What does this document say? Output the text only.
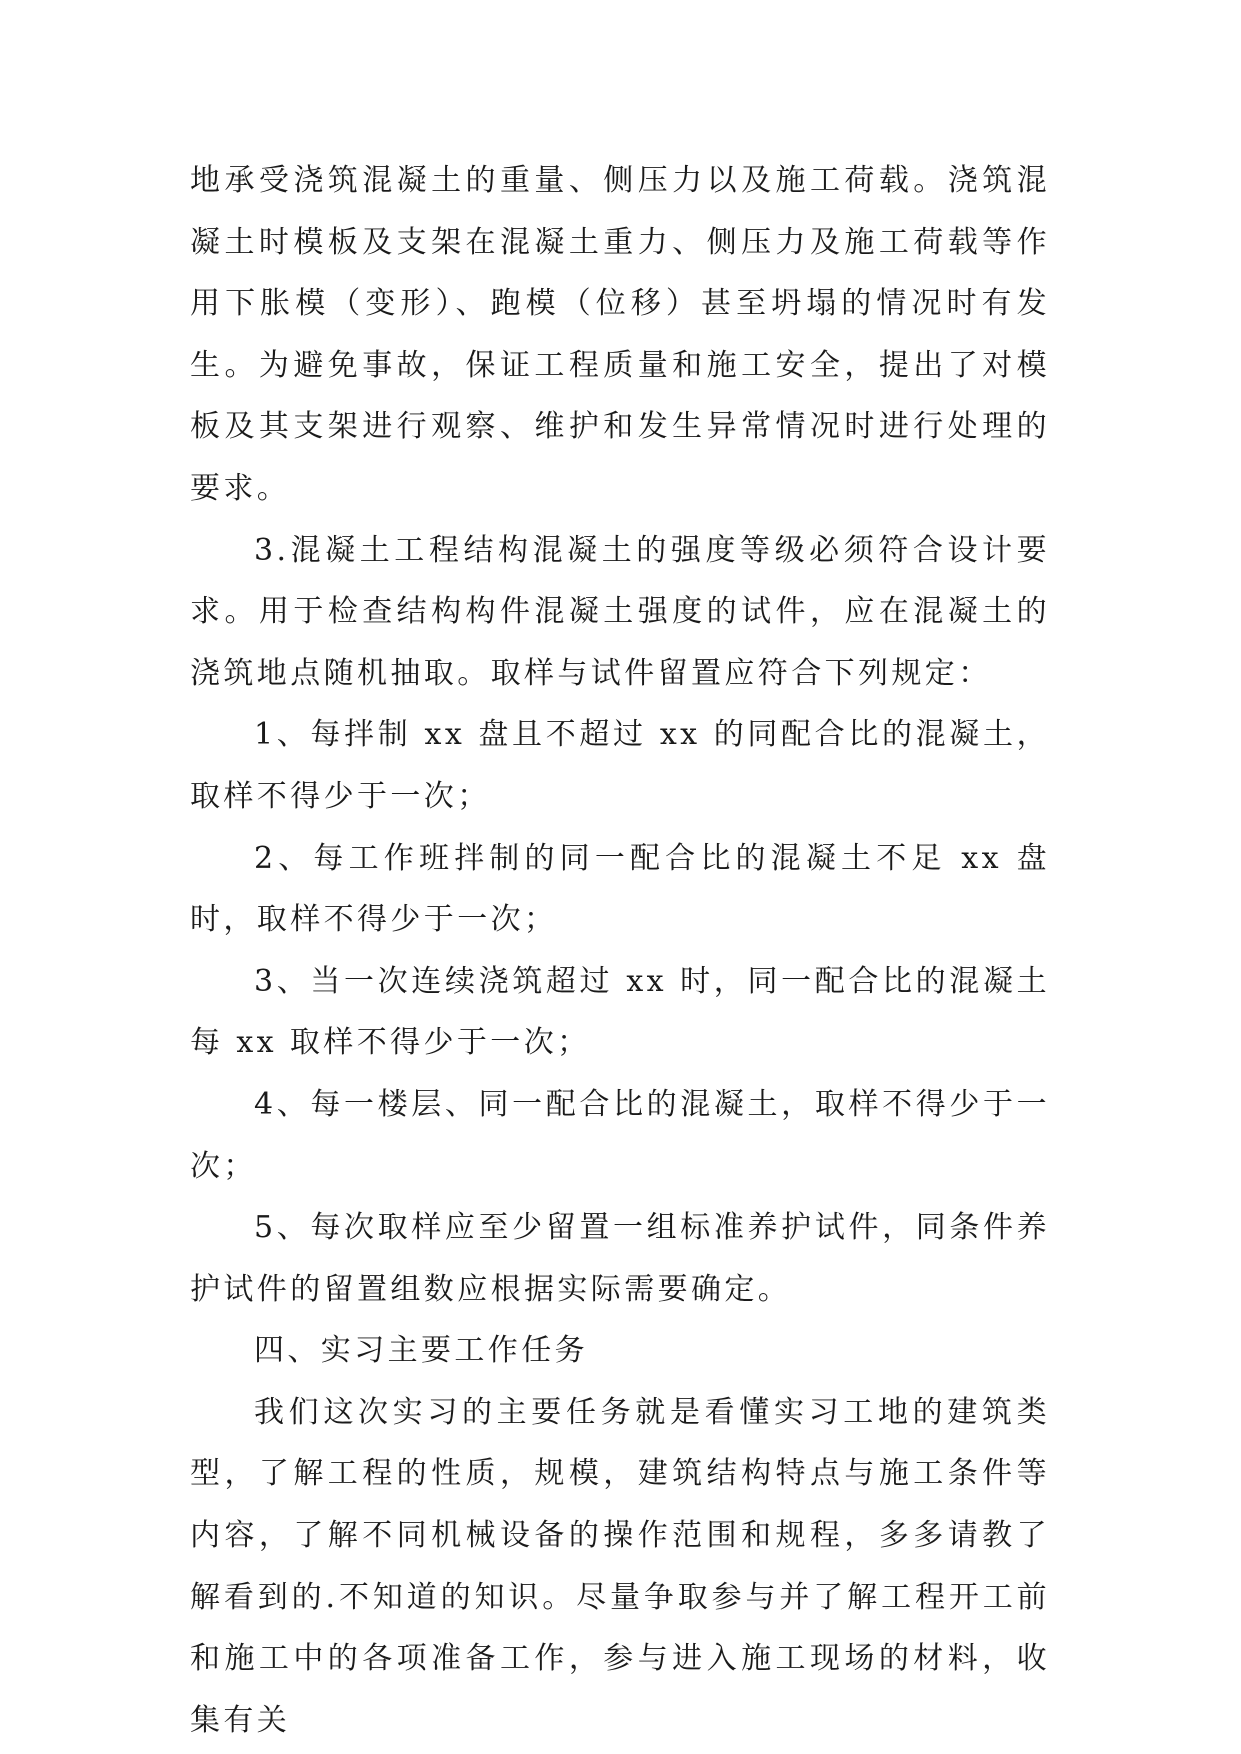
地承受浇筑混凝土的重量、侧压力以及施工荷载。浇筑混凝土时模板及支架在混凝土重力、侧压力及施工荷载等作用下胀模（变形）、跑模（位移）甚至坍塌的情况时有发生。为避免事故，保证工程质量和施工安全，提出了对模板及其支架进行观察、维护和发生异常情况时进行处理的要求。

3.混凝土工程结构混凝土的强度等级必须符合设计要求。用于检查结构构件混凝土强度的试件，应在混凝土的浇筑地点随机抽取。取样与试件留置应符合下列规定：

1、每拌制 xx 盘且不超过 xx 的同配合比的混凝土，取样不得少于一次；

2、每工作班拌制的同一配合比的混凝土不足 xx 盘时，取样不得少于一次；

3、当一次连续浇筑超过 xx 时，同一配合比的混凝土每 xx 取样不得少于一次；

4、每一楼层、同一配合比的混凝土，取样不得少于一次；

5、每次取样应至少留置一组标准养护试件，同条件养护试件的留置组数应根据实际需要确定。

四、实习主要工作任务

我们这次实习的主要任务就是看懂实习工地的建筑类型，了解工程的性质，规模，建筑结构特点与施工条件等内容，了解不同机械设备的操作范围和规程，多多请教了解看到的.不知道的知识。尽量争取参与并了解工程开工前和施工中的各项准备工作，参与进入施工现场的材料，收集有关
